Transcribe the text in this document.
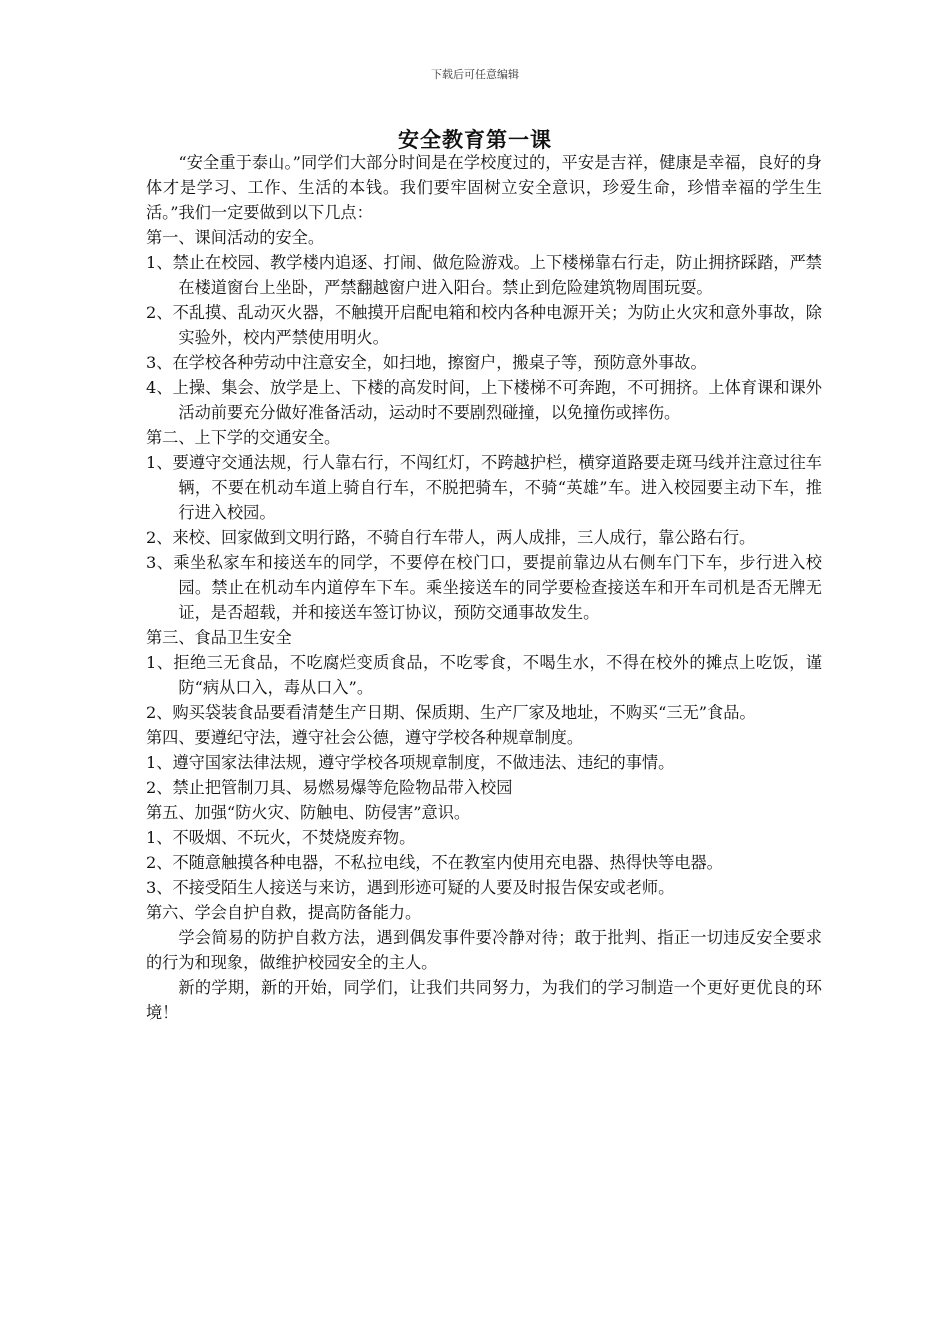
下载后可任意编辑
安全教育第一课

“安全重于泰山。”同学们大部分时间是在学校度过的，平安是吉祥，健康是幸福，良好的身体才是学习、工作、生活的本钱。我们要牢固树立安全意识，珍爱生命，珍惜幸福的学生生活。”我们一定要做到以下几点：

第一、课间活动的安全。

1、禁止在校园、教学楼内追逐、打闹、做危险游戏。上下楼梯靠右行走，防止拥挤踩踏，严禁在楼道窗台上坐卧，严禁翻越窗户进入阳台。禁止到危险建筑物周围玩耍。

2、不乱摸、乱动灭火器，不触摸开启配电箱和校内各种电源开关；为防止火灾和意外事故，除实验外，校内严禁使用明火。

3、在学校各种劳动中注意安全，如扫地，擦窗户，搬桌子等，预防意外事故。

4、上操、集会、放学是上、下楼的高发时间，上下楼梯不可奔跑，不可拥挤。上体育课和课外活动前要充分做好准备活动，运动时不要剧烈碰撞，以免撞伤或摔伤。

第二、上下学的交通安全。

1、要遵守交通法规，行人靠右行，不闯红灯，不跨越护栏，横穿道路要走斑马线并注意过往车辆，不要在机动车道上骑自行车，不脱把骑车，不骑“英雄”车。进入校园要主动下车，推行进入校园。

2、来校、回家做到文明行路，不骑自行车带人，两人成排，三人成行，靠公路右行。

3、乘坐私家车和接送车的同学，不要停在校门口，要提前靠边从右侧车门下车，步行进入校园。禁止在机动车内道停车下车。乘坐接送车的同学要检查接送车和开车司机是否无牌无证，是否超载，并和接送车签订协议，预防交通事故发生。

第三、食品卫生安全

1、拒绝三无食品，不吃腐烂变质食品，不吃零食，不喝生水，不得在校外的摊点上吃饭，谨防“病从口入，毒从口入”。

2、购买袋装食品要看清楚生产日期、保质期、生产厂家及地址，不购买“三无”食品。

第四、要遵纪守法，遵守社会公德，遵守学校各种规章制度。

1、遵守国家法律法规，遵守学校各项规章制度，不做违法、违纪的事情。

2、禁止把管制刀具、易燃易爆等危险物品带入校园

第五、加强“防火灾、防触电、防侵害”意识。

1、不吸烟、不玩火，不焚烧废弃物。

2、不随意触摸各种电器，不私拉电线，不在教室内使用充电器、热得快等电器。

3、不接受陌生人接送与来访，遇到形迹可疑的人要及时报告保安或老师。

第六、学会自护自救，提高防备能力。

学会简易的防护自救方法，遇到偶发事件要冷静对待；敢于批判、指正一切违反安全要求的行为和现象，做维护校园安全的主人。

新的学期，新的开始，同学们，让我们共同努力，为我们的学习制造一个更好更优良的环境！
